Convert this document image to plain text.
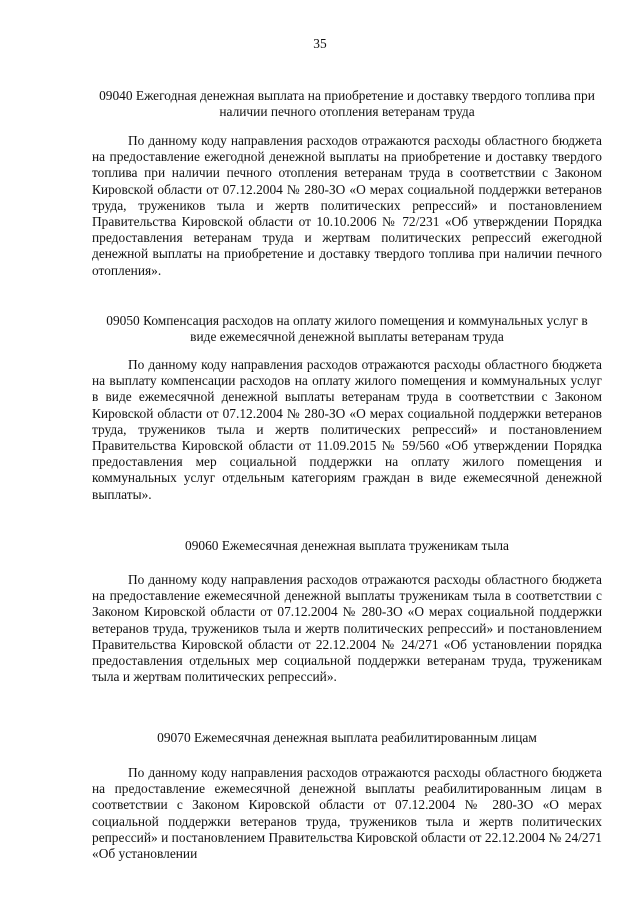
35
09040 Ежегодная денежная выплата на приобретение и доставку твердого топлива при наличии печного отопления ветеранам труда
По данному коду направления расходов отражаются расходы областного бюджета на предоставление ежегодной денежной выплаты на приобретение и доставку твердого топлива при наличии печного отопления ветеранам труда в соответствии с Законом Кировской области от 07.12.2004 № 280-ЗО «О мерах социальной поддержки ветеранов труда, тружеников тыла и жертв политических репрессий» и постановлением Правительства Кировской области от 10.10.2006 № 72/231 «Об утверждении Порядка предоставления ветеранам труда и жертвам политических репрессий ежегодной денежной выплаты на приобретение и доставку твердого топлива при наличии печного отопления».
09050 Компенсация расходов на оплату жилого помещения и коммунальных услуг в виде ежемесячной денежной выплаты ветеранам труда
По данному коду направления расходов отражаются расходы областного бюджета на выплату компенсации расходов на оплату жилого помещения и коммунальных услуг в виде ежемесячной денежной выплаты ветеранам труда в соответствии с Законом Кировской области от 07.12.2004 № 280-ЗО «О мерах социальной поддержки ветеранов труда, тружеников тыла и жертв политических репрессий» и постановлением Правительства Кировской области от 11.09.2015 № 59/560 «Об утверждении Порядка предоставления мер социальной поддержки на оплату жилого помещения и коммунальных услуг отдельным категориям граждан в виде ежемесячной денежной выплаты».
09060 Ежемесячная денежная выплата труженикам тыла
По данному коду направления расходов отражаются расходы областного бюджета на предоставление ежемесячной денежной выплаты труженикам тыла в соответствии с Законом Кировской области от 07.12.2004 № 280-ЗО «О мерах социальной поддержки ветеранов труда, тружеников тыла и жертв политических репрессий» и постановлением Правительства Кировской области от 22.12.2004 № 24/271 «Об установлении порядка предоставления отдельных мер социальной поддержки ветеранам труда, труженикам тыла и жертвам политических репрессий».
09070 Ежемесячная денежная выплата реабилитированным лицам
По данному коду направления расходов отражаются расходы областного бюджета на предоставление ежемесячной денежной выплаты реабилитированным лицам в соответствии с Законом Кировской области от 07.12.2004 № 280-ЗО «О мерах социальной поддержки ветеранов труда, тружеников тыла и жертв политических репрессий» и постановлением Правительства Кировской области от 22.12.2004 № 24/271 «Об установлении
